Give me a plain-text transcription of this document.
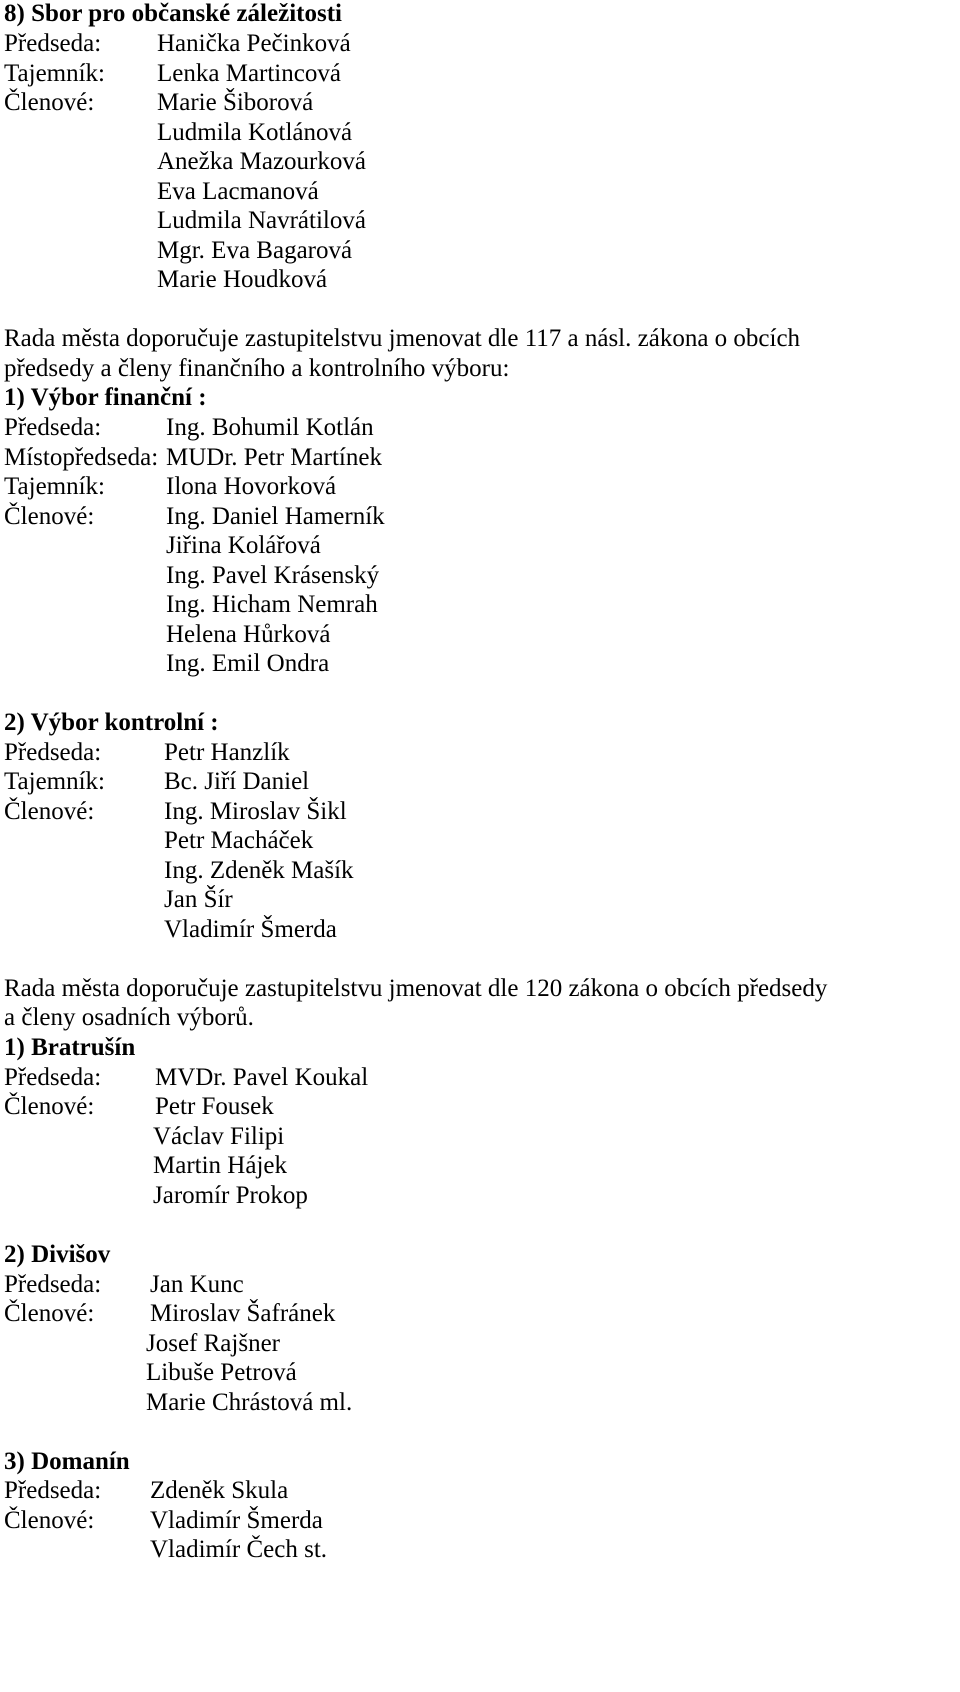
8) Sbor pro občanské záležitosti
Předseda: Hanička Pečinková
Tajemník: Lenka Martincová
Členové:	Marie Šiborová
Ludmila Kotlánová
Anežka Mazourková
Eva Lacmanová
Ludmila Navrátilová
Mgr. Eva Bagarová
Marie Houdková
Rada města doporučuje zastupitelstvu jmenovat dle 117 a násl. zákona o obcích
předsedy a členy finančního a kontrolního výboru:
1) Výbor finanční :
Předseda:	Ing. Bohumil Kotlán
Místopředseda: MUDr. Petr Martínek
Tajemník: Ilona Hovorková
Členové:	Ing. Daniel Hamerník
Jiřina Kolářová
Ing. Pavel Krásenský
Ing. Hicham Nemrah
Helena Hůrková
Ing. Emil Ondra
2) Výbor kontrolní :
Předseda:	Petr Hanzlík
Tajemník: Bc. Jiří Daniel
Členové:	Ing. Miroslav Šikl
Petr Macháček
Ing. Zdeněk Mašík
Jan Šír
Vladimír Šmerda
Rada města doporučuje zastupitelstvu jmenovat dle 120 zákona o obcích předsedy
a členy osadních výborů.
1) Bratrušín
Předseda: MVDr. Pavel Koukal
Členové: Petr Fousek
Václav Filipi
Martin Hájek
Jaromír Prokop
2) Divišov
Předseda: Jan Kunc
Členové: Miroslav Šafránek
Josef Rajšner
Libuše Petrová
Marie Chrástová ml.
3) Domanín
Předseda: Zdeněk Skula
Členové: Vladimír Šmerda
Vladimír Čech st.
